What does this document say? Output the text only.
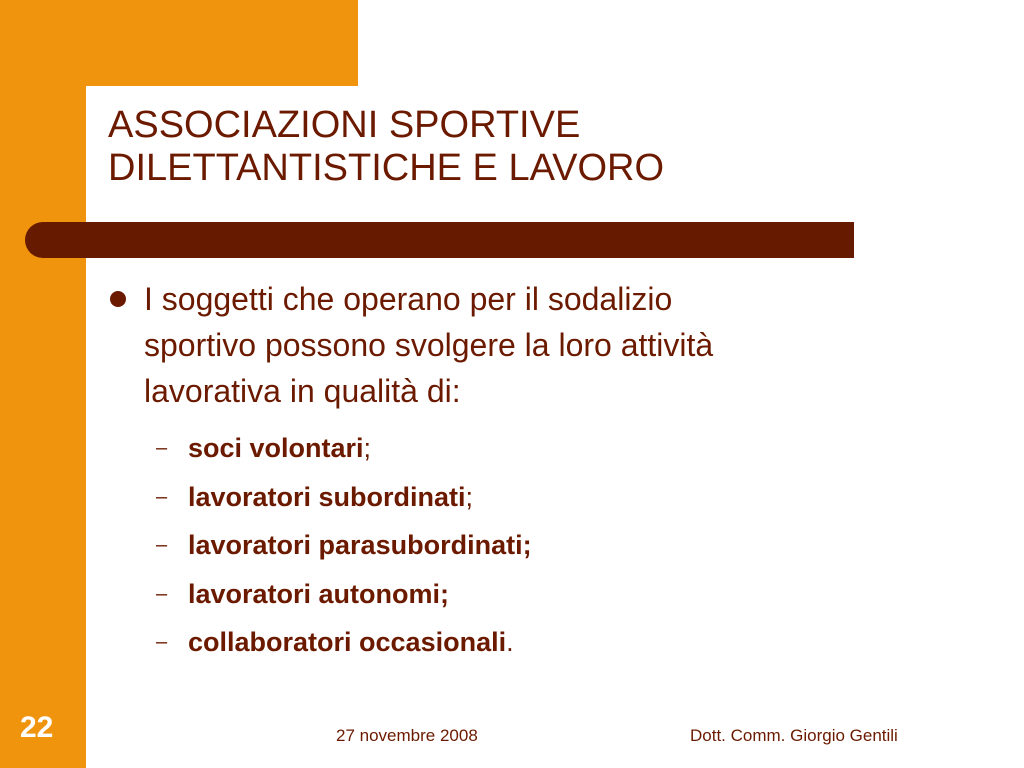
ASSOCIAZIONI SPORTIVE
DILETTANTISTICHE E LAVORO
I soggetti che operano per il sodalizio
sportivo possono svolgere la loro attività
lavorativa in qualità di:
– soci volontari;
– lavoratori subordinati;
– lavoratori parasubordinati;
– lavoratori autonomi;
– collaboratori occasionali.
22	27 novembre 2008	Dott. Comm. Giorgio Gentili
